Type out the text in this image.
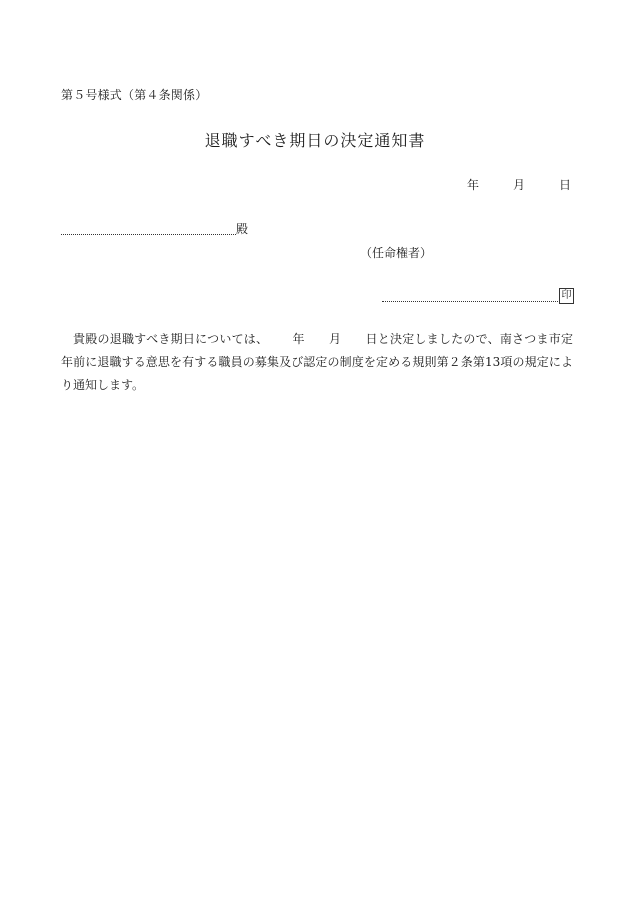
第５号様式（第４条関係）
退職すべき期日の決定通知書
年	月	日
殿
（任命権者）
印
貴殿の退職すべき期日については、 年 月 日と決定しましたので、南さつま市定年前に退職する意思を有する職員の募集及び認定の制度を定める規則第２条第13項の規定により通知します。
